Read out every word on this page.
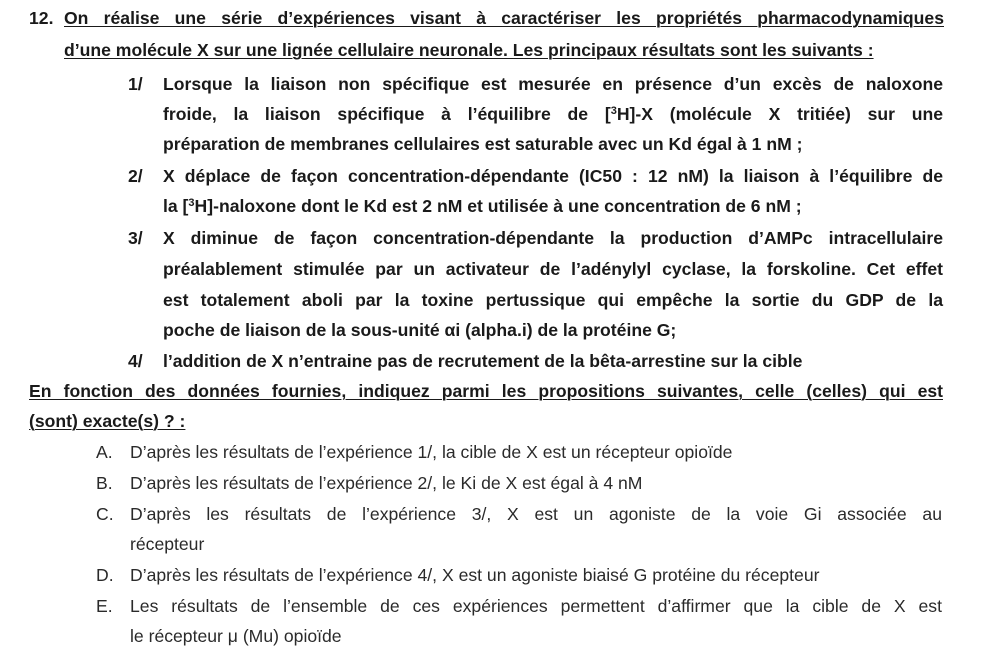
12. On réalise une série d’expériences visant à caractériser les propriétés pharmacodynamiques
d’une molécule X sur une lignée cellulaire neuronale. Les principaux résultats sont les suivants :
1/ Lorsque la liaison non spécifique est mesurée en présence d’un excès de naloxone
froide, la liaison spécifique à l’équilibre de [$^3$H]-X (molécule X tritiée) sur une
préparation de membranes cellulaires est saturable avec un Kd égal à 1 nM ;
2/ X déplace de façon concentration-dépendante (IC50 : 12 nM) la liaison à l’équilibre de
la [$^3$H]-naloxone dont le Kd est 2 nM et utilisée à une concentration de 6 nM ;
3/ X diminue de façon concentration-dépendante la production d’AMPc intracellulaire
préalablement stimulée par un activateur de l’adénylyl cyclase, la forskoline. Cet effet
est totalement aboli par la toxine pertussique qui empêche la sortie du GDP de la
poche de liaison de la sous-unité αi (alpha.i) de la protéine G;
4/ l’addition de X n’entraine pas de recrutement de la bêta-arrestine sur la cible
En fonction des données fournies, indiquez parmi les propositions suivantes, celle (celles) qui est
(sont) exacte(s) ? :
A. D’après les résultats de l’expérience 1/, la cible de X est un récepteur opioïde
B. D’après les résultats de l’expérience 2/, le Ki de X est égal à 4 nM
C. D’après les résultats de l’expérience 3/, X est un agoniste de la voie Gi associée au
récepteur
D. D’après les résultats de l’expérience 4/, X est un agoniste biaisé G protéine du récepteur
E. Les résultats de l’ensemble de ces expériences permettent d’affirmer que la cible de X est
le récepteur μ (Mu) opioïde
